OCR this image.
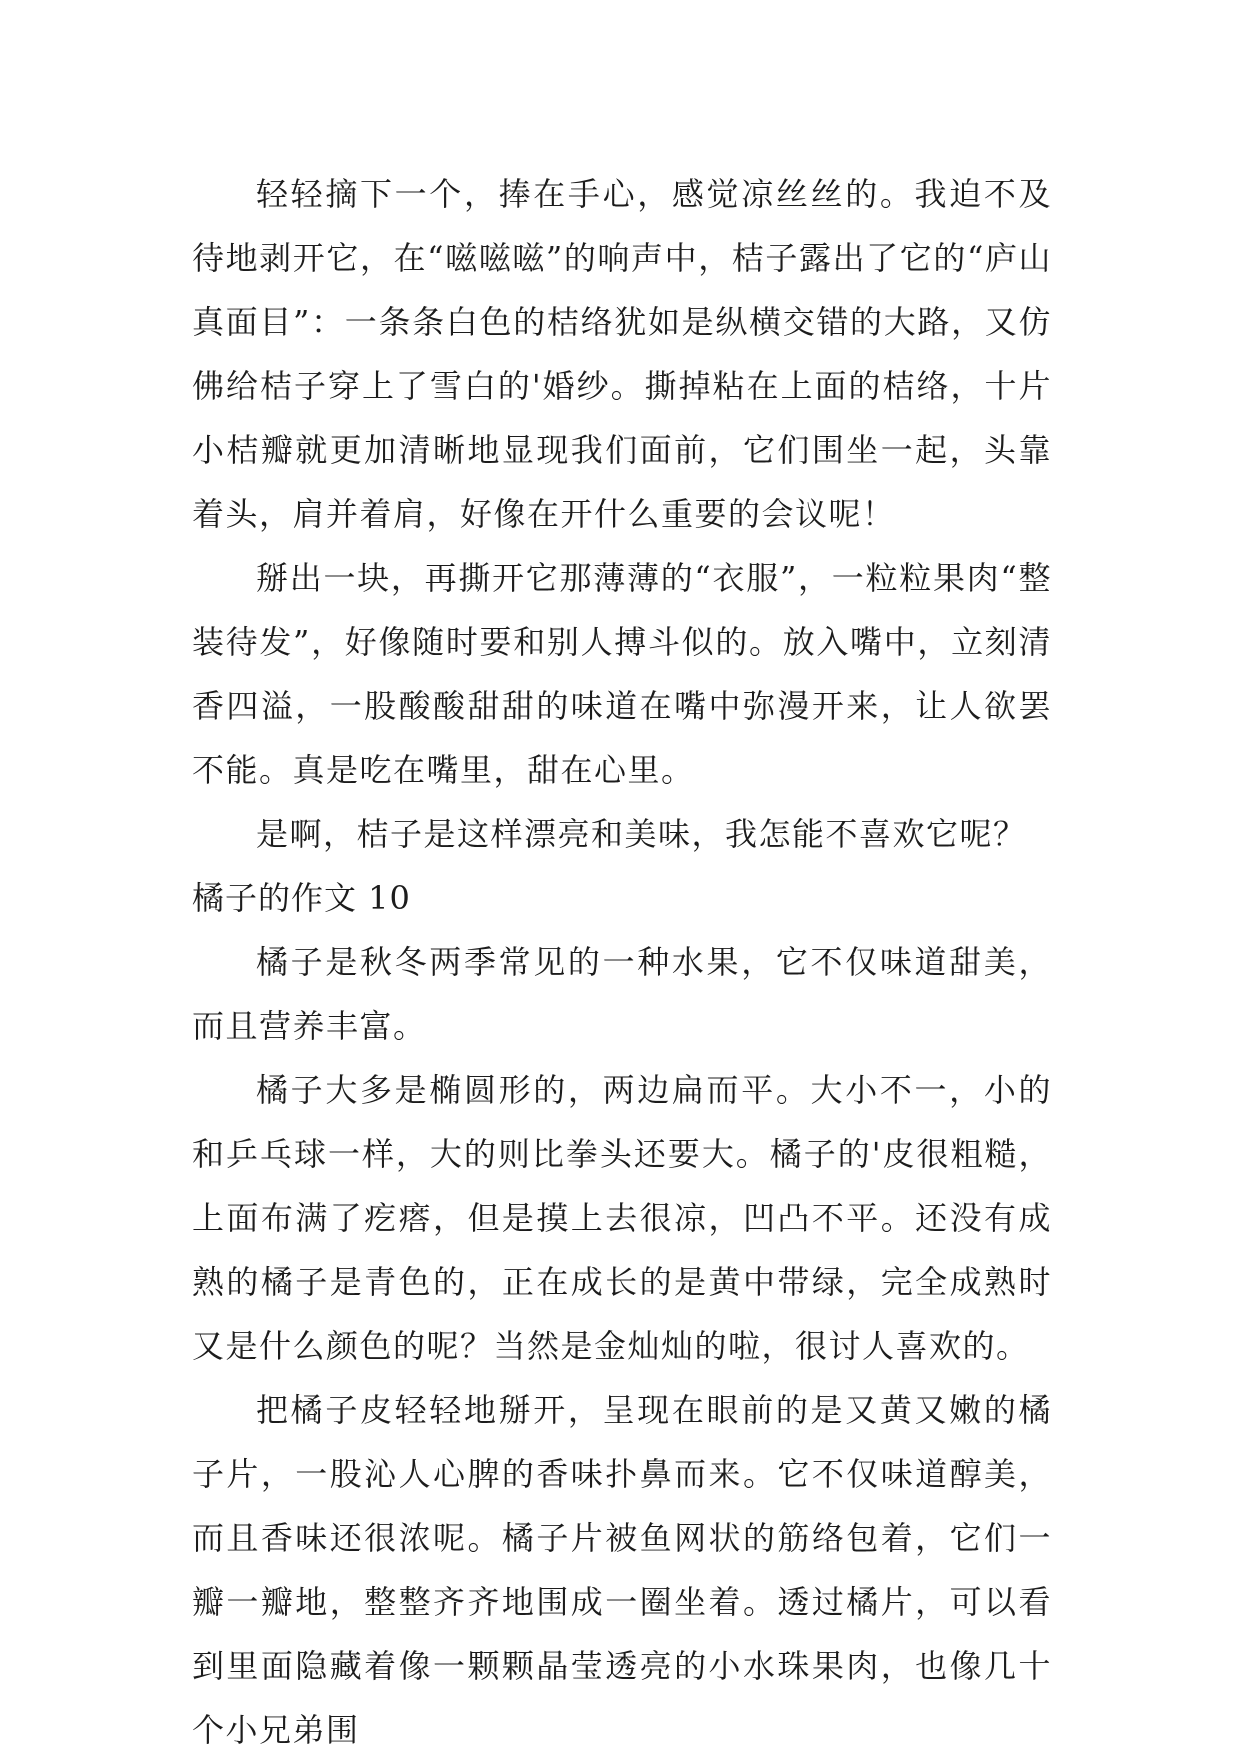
轻轻摘下一个，捧在手心，感觉凉丝丝的。我迫不及待地剥开它，在“嗞嗞嗞”的响声中，桔子露出了它的“庐山真面目”：一条条白色的桔络犹如是纵横交错的大路，又仿佛给桔子穿上了雪白的'婚纱。撕掉粘在上面的桔络，十片小桔瓣就更加清晰地显现我们面前，它们围坐一起，头靠着头，肩并着肩，好像在开什么重要的会议呢！

掰出一块，再撕开它那薄薄的“衣服”，一粒粒果肉“整装待发”，好像随时要和别人搏斗似的。放入嘴中，立刻清香四溢，一股酸酸甜甜的味道在嘴中弥漫开来，让人欲罢不能。真是吃在嘴里，甜在心里。

是啊，桔子是这样漂亮和美味，我怎能不喜欢它呢？

橘子的作文 10

橘子是秋冬两季常见的一种水果，它不仅味道甜美，而且营养丰富。

橘子大多是椭圆形的，两边扁而平。大小不一，小的和乒乓球一样，大的则比拳头还要大。橘子的'皮很粗糙，上面布满了疙瘩，但是摸上去很凉，凹凸不平。还没有成熟的橘子是青色的，正在成长的是黄中带绿，完全成熟时又是什么颜色的呢？当然是金灿灿的啦，很讨人喜欢的。

把橘子皮轻轻地掰开，呈现在眼前的是又黄又嫩的橘子片，一股沁人心脾的香味扑鼻而来。它不仅味道醇美，而且香味还很浓呢。橘子片被鱼网状的筋络包着，它们一瓣一瓣地，整整齐齐地围成一圈坐着。透过橘片，可以看到里面隐藏着像一颗颗晶莹透亮的小水珠果肉，也像几十个小兄弟围
